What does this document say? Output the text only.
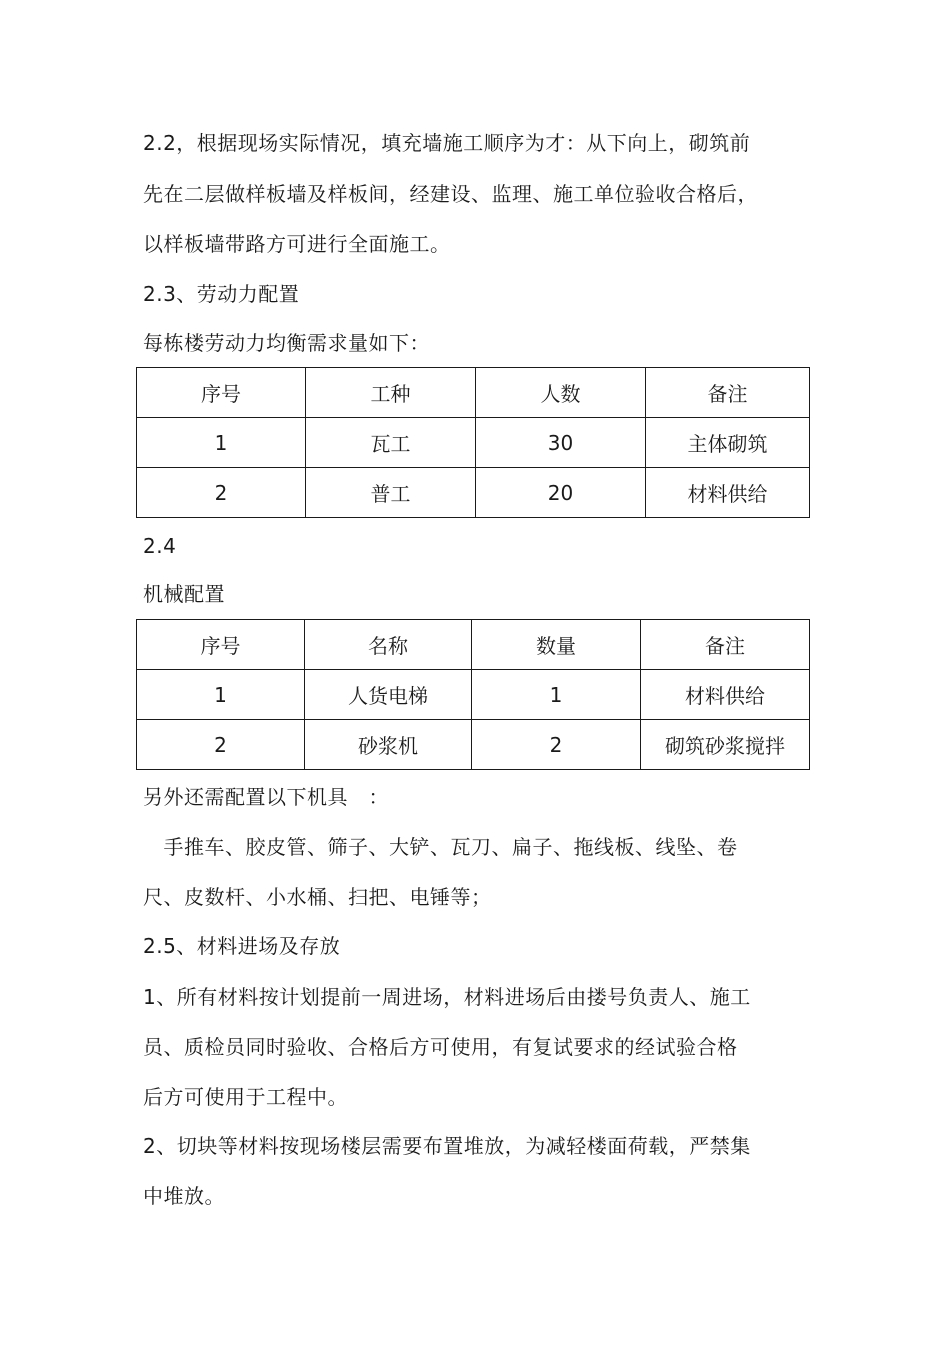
2.2，根据现场实际情况，填充墙施工顺序为才：从下向上，砌筑前
先在二层做样板墙及样板间，经建设、监理、施工单位验收合格后，
以样板墙带路方可进行全面施工。
2.3、劳动力配置
每栋楼劳动力均衡需求量如下：
序号	工种	人数	备注
1	瓦工	30	主体砌筑
2	普工	20	材料供给
2.4
机械配置
序号	名称	数量	备注
1	人货电梯	1	材料供给
2	砂浆机	2	砌筑砂浆搅拌
另外还需配置以下机具　：
　手推车、胶皮管、筛子、大铲、瓦刀、扁子、拖线板、线坠、卷
尺、皮数杆、小水桶、扫把、电锤等；
2.5、材料进场及存放
1、所有材料按计划提前一周进场，材料进场后由搂号负责人、施工
员、质检员同时验收、合格后方可使用，有复试要求的经试验合格
后方可使用于工程中。
2、切块等材料按现场楼层需要布置堆放，为减轻楼面荷载，严禁集
中堆放。
